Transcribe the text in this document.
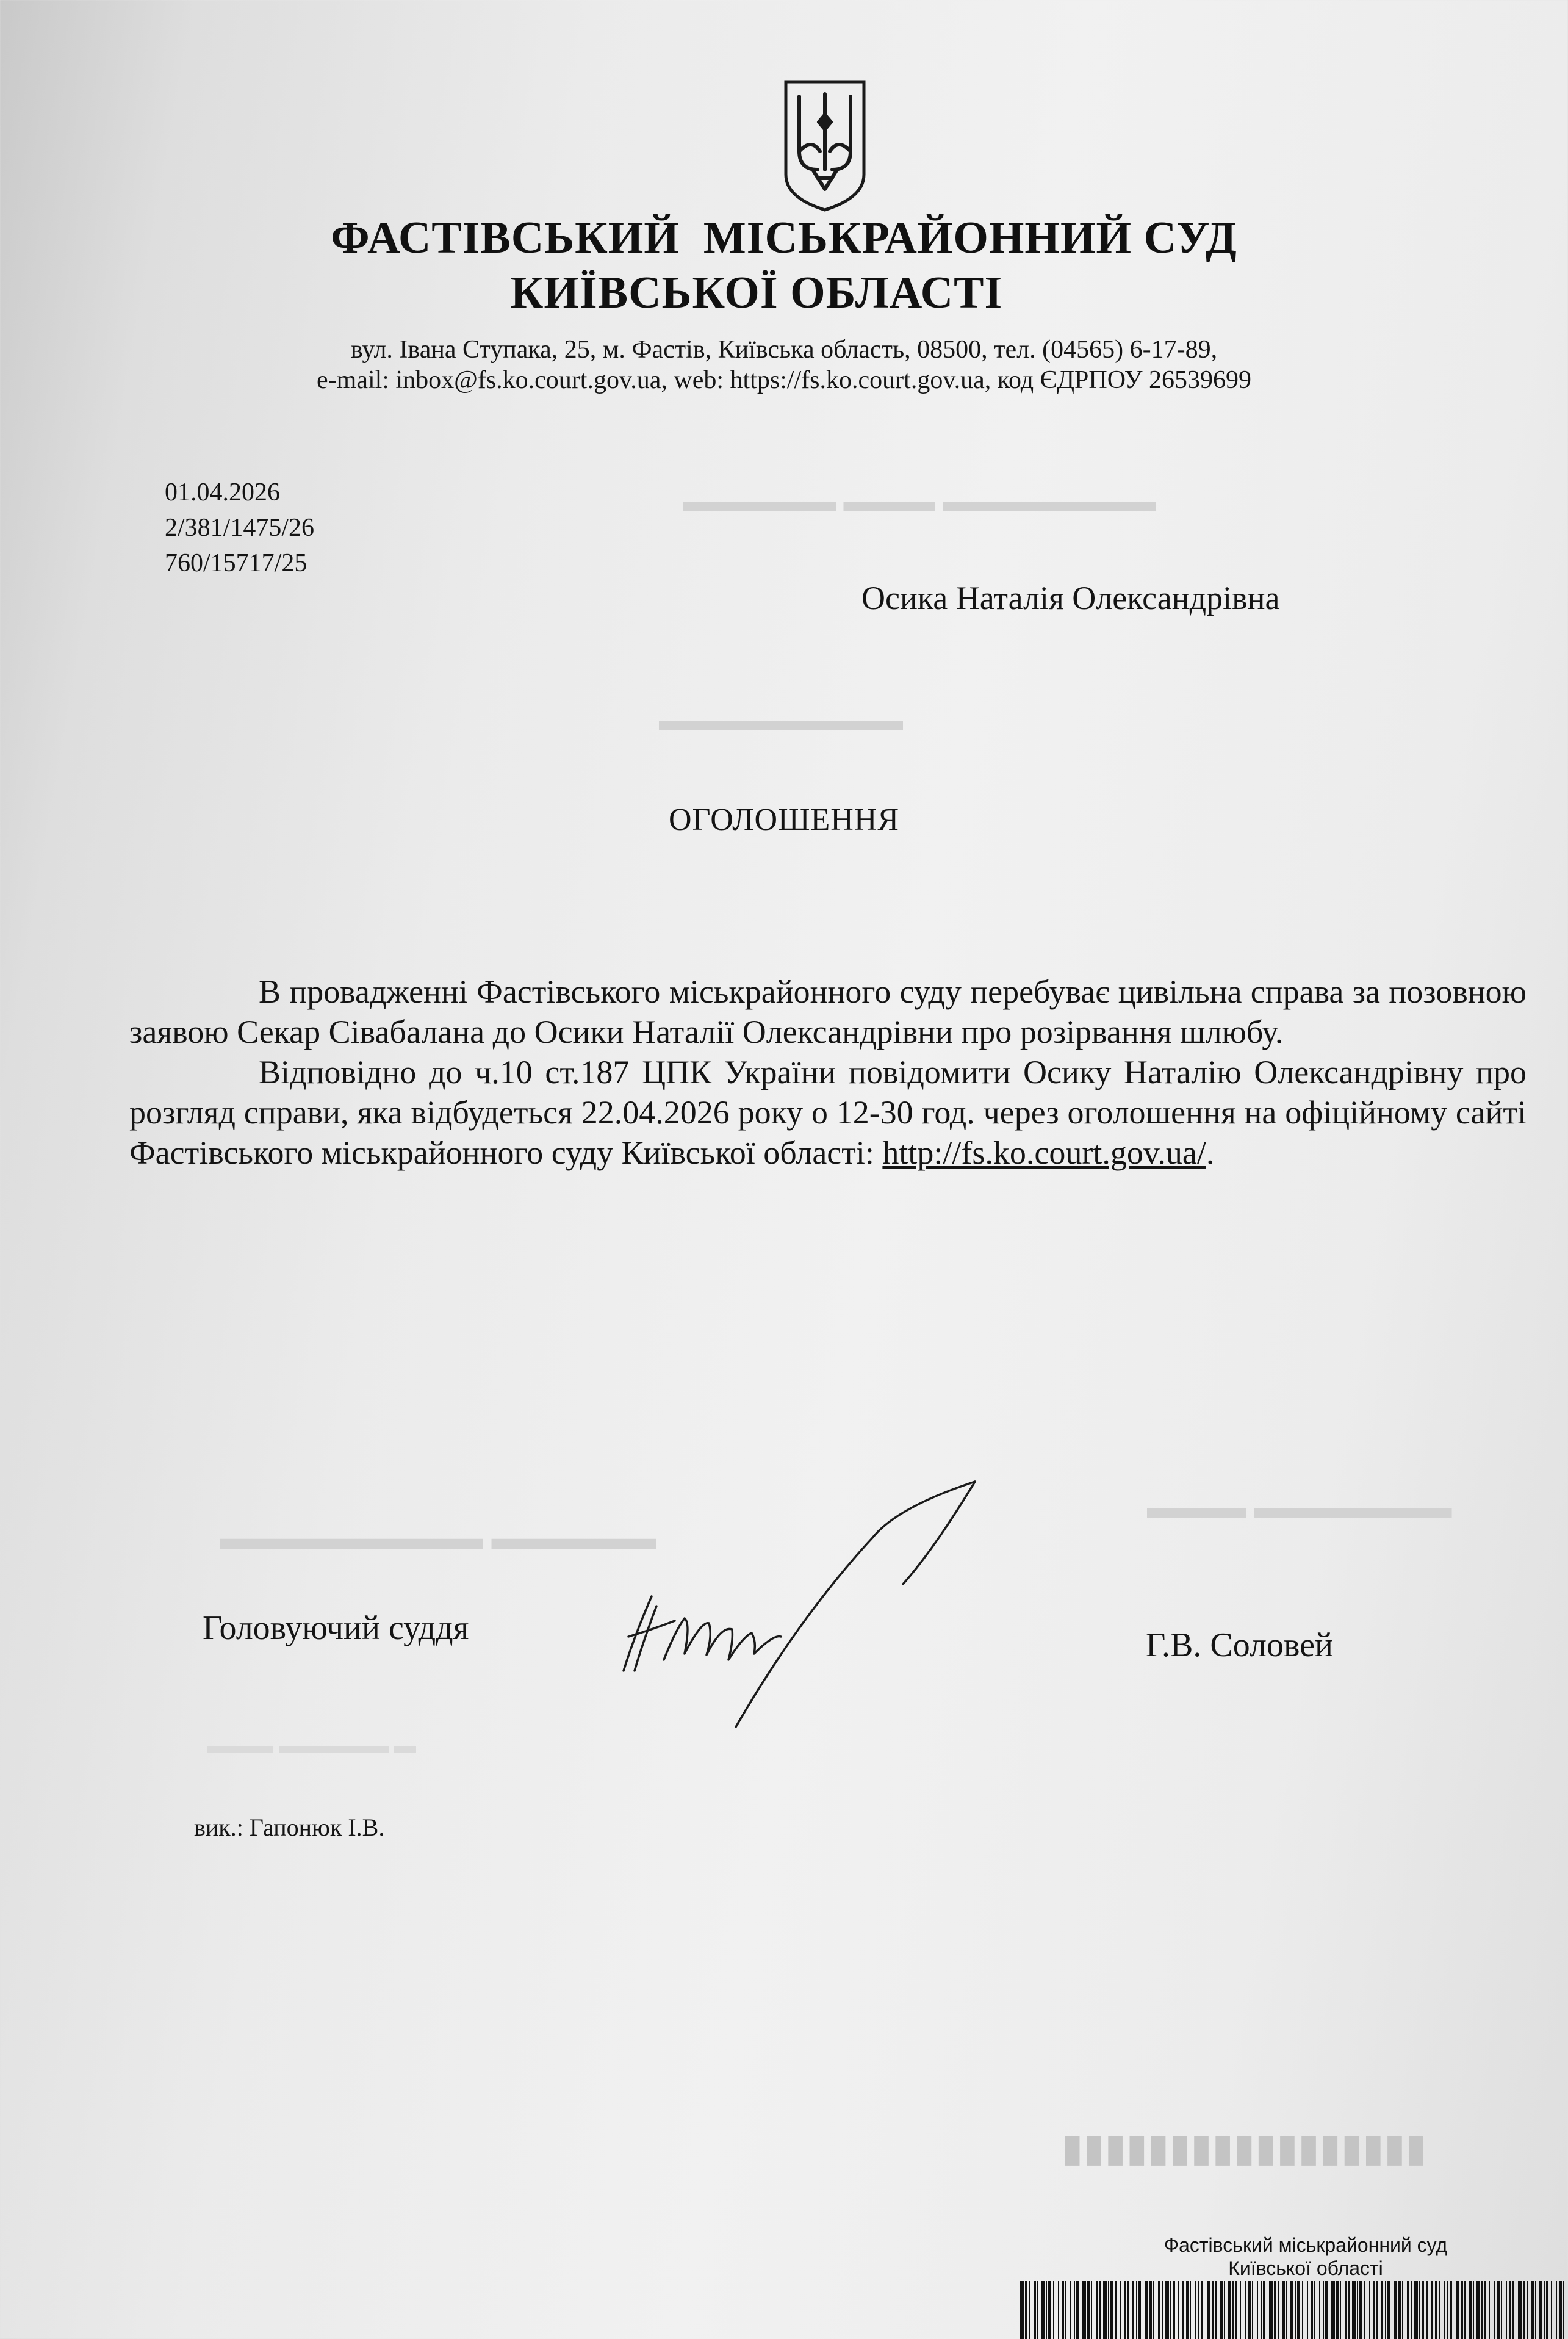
▬▬▬▬▬ ▬▬▬ ▬▬▬▬▬▬▬
▬▬▬▬▬▬▬▬
▬▬▬▬▬▬▬▬ ▬▬▬▬▬
▬▬▬ ▬▬▬▬▬▬
▬▬▬ ▬▬▬▬▬ ▬
▮▮▮▮▮▮▮▮▮▮▮▮▮▮▮▮▮
ФАСТІВСЬКИЙ  МІСЬКРАЙОННИЙ СУД

КИЇВСЬКОЇ ОБЛАСТІ
вул. Івана Ступака, 25, м. Фастів, Київська область, 08500, тел. (04565) 6-17-89,
e-mail: inbox@fs.ko.court.gov.ua, web: https://fs.ko.court.gov.ua, код ЄДРПОУ 26539699
01.04.2026
2/381/1475/26
760/15717/25
Осика Наталія Олександрівна
ОГОЛОШЕННЯ

В провадженні Фастівського міськрайонного суду перебуває цивільна справа за позовною заявою Секар Сівабалана до Осики Наталії Олександрівни про розірвання шлюбу.

Відповідно до ч.10 ст.187 ЦПК України повідомити Осику Наталію Олександрівну про розгляд справи, яка відбудеться 22.04.2026 року о 12-30 год. через оголошення на офіційному сайті Фастівського міськрайонного суду Київської області: http://fs.ko.court.gov.ua/.

Головуючий суддя	Г.В. Соловей
вик.: Гапонюк І.В.
Фастівський міськрайонний суд
Київської області
